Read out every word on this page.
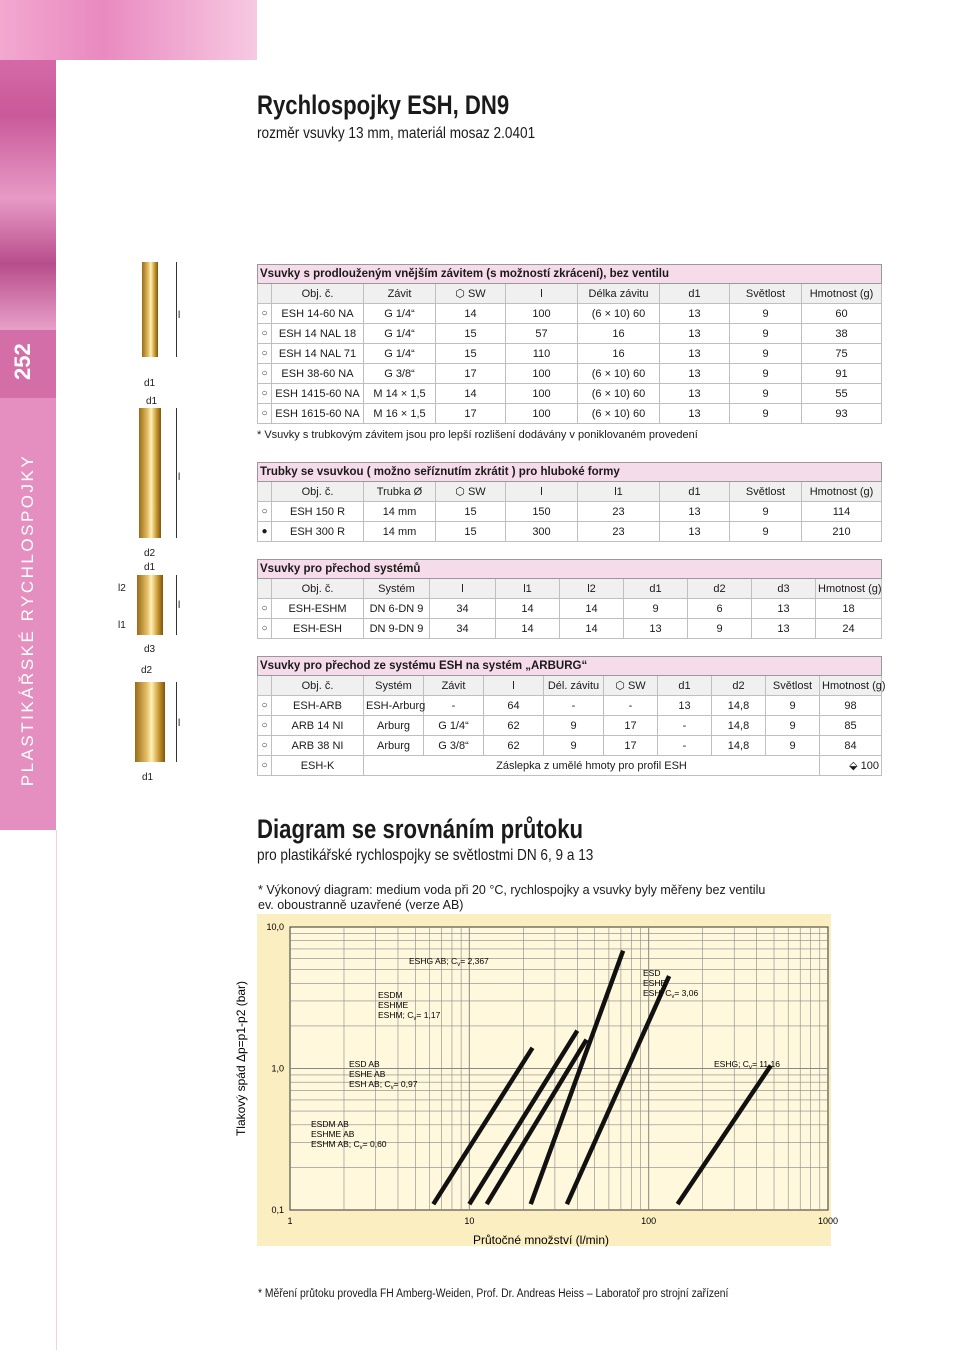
252
PLASTIKÁŘSKÉ RYCHLOSPOJKY
Rychlospojky ESH, DN9
rozměr vsuvky 13 mm, materiál mosaz 2.0401
l
d1
d1
l
d2
d1
l2
l1
d3
l
d2
l
d1
Vsuvky s prodlouženým vnějším závitem (s možností zkrácení), bez ventilu								
	Obj. č.	Závit	⬡ SW	l	Délka závitu	d1	Světlost	Hmotnost (g)
○	ESH 14-60 NA	G 1/4“	14	100	(6 × 10) 60	13	9	60
○	ESH 14 NAL 18	G 1/4“	15	57	16	13	9	38
○	ESH 14 NAL 71	G 1/4“	15	110	16	13	9	75
○	ESH 38-60 NA	G 3/8“	17	100	(6 × 10) 60	13	9	91
○	ESH 1415-60 NA	M 14 × 1,5	14	100	(6 × 10) 60	13	9	55
○	ESH 1615-60 NA	M 16 × 1,5	17	100	(6 × 10) 60	13	9	93
* Vsuvky s trubkovým závitem jsou pro lepší rozlišení dodávány v poniklovaném provedení
Trubky se vsuvkou ( možno seříznutím zkrátit ) pro hluboké formy								
	Obj. č.	Trubka Ø	⬡ SW	l	l1	d1	Světlost	Hmotnost (g)
○	ESH 150 R	14 mm	15	150	23	13	9	114
●	ESH 300 R	14 mm	15	300	23	13	9	210
Vsuvky pro přechod systémů									
	Obj. č.	Systém	l	l1	l2	d1	d2	d3	Hmotnost (g)
○	ESH-ESHM	DN 6-DN 9	34	14	14	9	6	13	18
○	ESH-ESH	DN 9-DN 9	34	14	14	13	9	13	24
Vsuvky pro přechod ze systému ESH na systém „ARBURG“										
	Obj. č.	Systém	Závit	l	Dél. závitu	⬡ SW	d1	d2	Světlost	Hmotnost (g)
○	ESH-ARB	ESH-Arburg	-	64	-	-	13	14,8	9	98
○	ARB 14 NI	Arburg	G 1/4“	62	9	17	-	14,8	9	85
○	ARB 38 NI	Arburg	G 3/8“	62	9	17	-	14,8	9	84
○	ESH-K	Záslepka z umělé hmoty pro profil ESH								⬙ 100
Diagram se srovnáním průtoku
pro plastikářské rychlospojky se světlostmi DN 6, 9 a 13
* Výkonový diagram: medium voda při 20 °C, rychlospojky a vsuvky byly měřeny bez ventilu
ev. oboustranně uzavřené (verze AB)
1	10	100	1000
10,0
1,0
0,1
Průtočné množství (l/min)
Tlakový spád Δp=p1-p2 (bar)	ESDM AB ESHME AB ESHM AB; $C_v= 0,60$
ESD AB ESHE AB ESH AB; $C_v= 0,97$
ESDM ESHME ESHM; $C_v= 1,17$
ESHG AB; $C_v= 2,367$
ESD ESHE ESH; $C_v= 3,06$
ESHG; $C_v= 11,16$
* Měření průtoku provedla FH Amberg-Weiden, Prof. Dr. Andreas Heiss – Laboratoř pro strojní zařízení
